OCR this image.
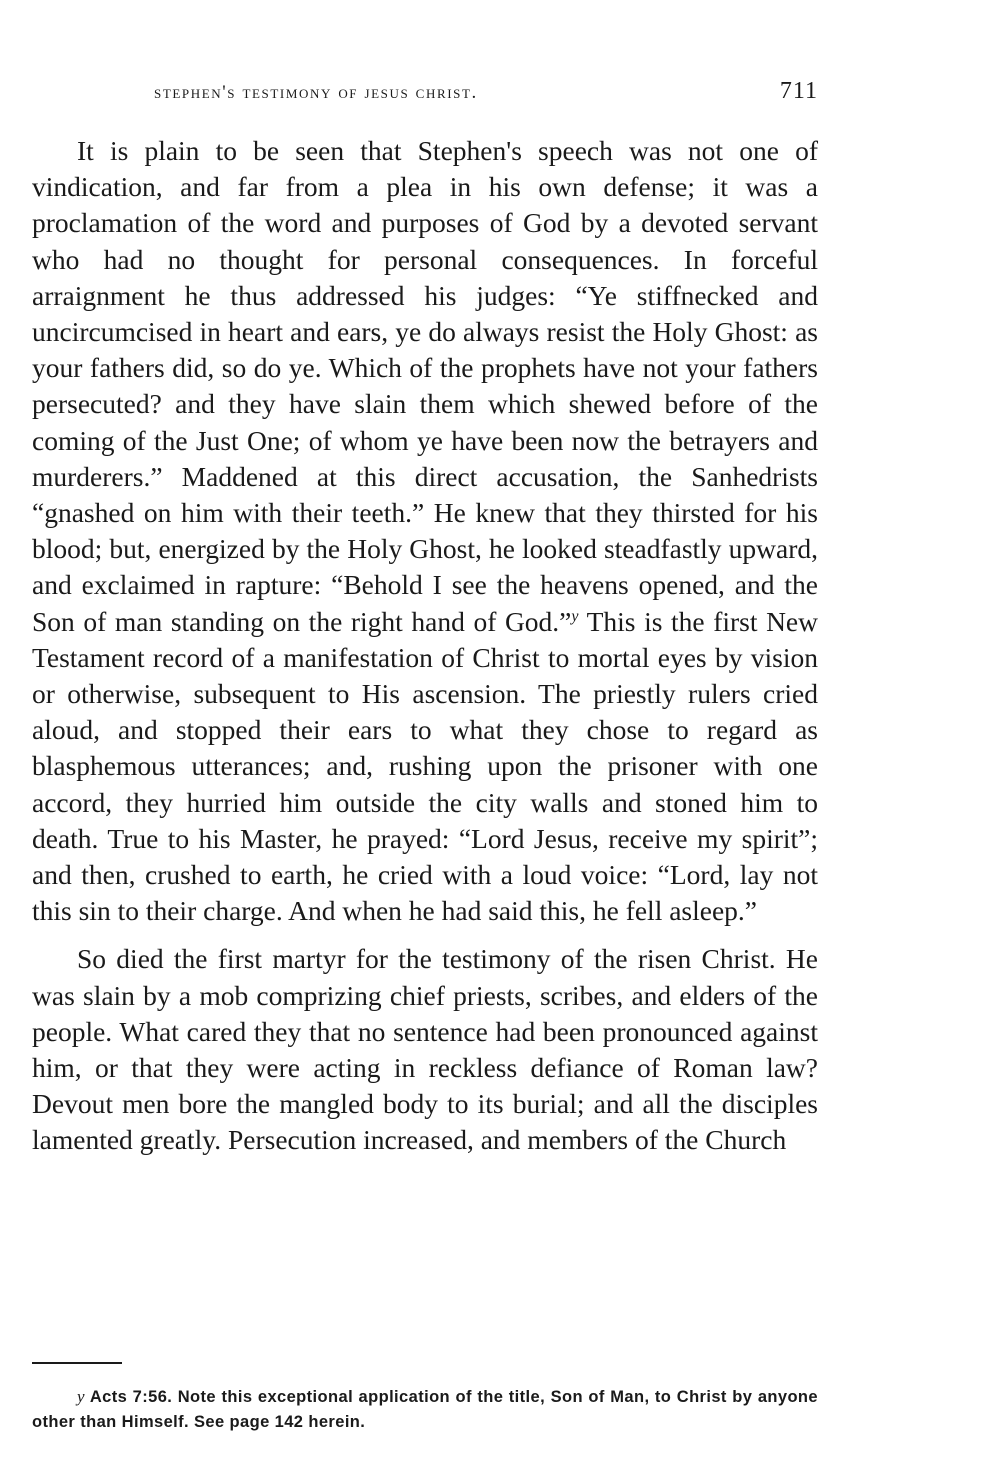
stephen's testimony of jesus christ.	711

It is plain to be seen that Stephen's speech was not one of vindication, and far from a plea in his own defense; it was a proclamation of the word and purposes of God by a devoted servant who had no thought for personal consequences. In forceful arraignment he thus addressed his judges: “Ye stiffnecked and uncircumcised in heart and ears, ye do always resist the Holy Ghost: as your fathers did, so do ye. Which of the prophets have not your fathers persecuted? and they have slain them which shewed before of the coming of the Just One; of whom ye have been now the betrayers and murderers.” Maddened at this direct accusation, the Sanhedrists “gnashed on him with their teeth.” He knew that they thirsted for his blood; but, energized by the Holy Ghost, he looked steadfastly upward, and exclaimed in rapture: “Behold I see the heavens opened, and the Son of man standing on the right hand of God.”$^y$ This is the first New Testament record of a manifestation of Christ to mortal eyes by vision or otherwise, subsequent to His ascension. The priestly rulers cried aloud, and stopped their ears to what they chose to regard as blasphemous utterances; and, rushing upon the prisoner with one accord, they hurried him outside the city walls and stoned him to death. True to his Master, he prayed: “Lord Jesus, receive my spirit”; and then, crushed to earth, he cried with a loud voice: “Lord, lay not this sin to their charge. And when he had said this, he fell asleep.”

So died the first martyr for the testimony of the risen Christ. He was slain by a mob comprizing chief priests, scribes, and elders of the people. What cared they that no sentence had been pronounced against him, or that they were acting in reckless defiance of Roman law? Devout men bore the mangled body to its burial; and all the disciples lamented greatly. Persecution increased, and members of the Church

y Acts 7:56. Note this exceptional application of the title, Son of Man, to Christ by anyone other than Himself. See page 142 herein.
